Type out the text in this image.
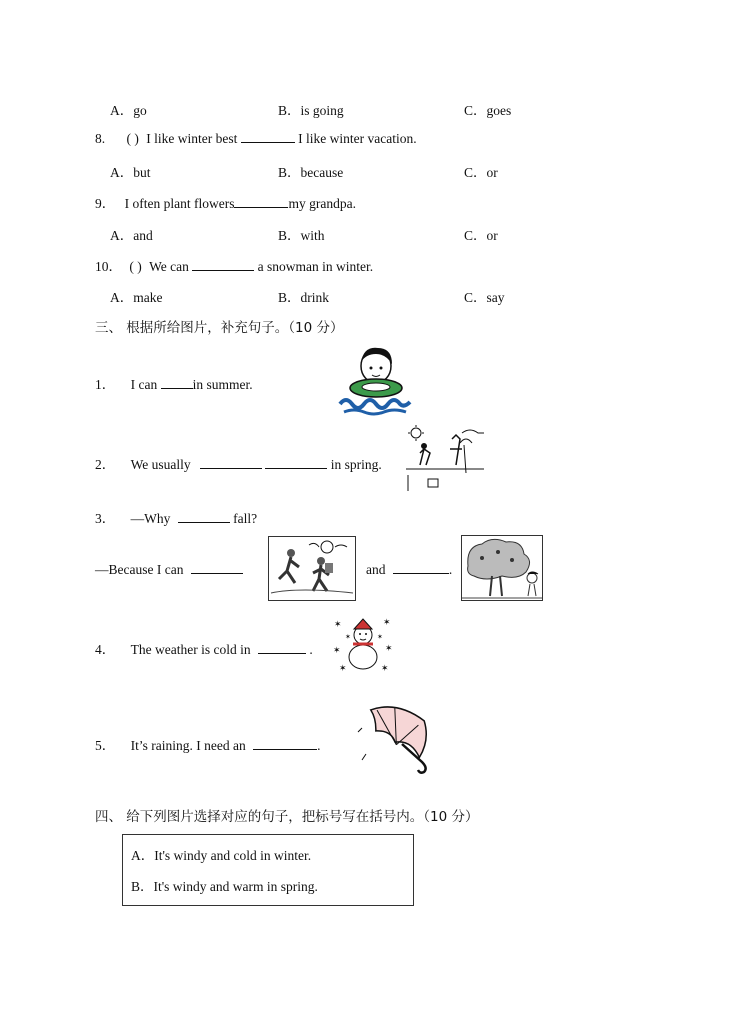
A．go	B．is going	C．goes
8. ( ) I like winter best	I like winter vacation.
A．but	B．because	C．or
9． I often plant flowers	my grandpa.
A．and	B．with	C．or
10． ( ) We can	a snowman in winter.
A．make	B．drink	C．say
三、 根据所给图片，补充句子。（10 分）
1． I can	in summer.
2． We usually	in spring.
3． —Why	fall?
—Because I can	and	.
4． The weather is cold in	.
✶	✶
✶	✶
✶	✶
✶	✶
5． It’s raining. I need an	.
四、 给下列图片选择对应的句子，把标号写在括号内。（10 分）
A．It's windy and cold in winter.
B．It's windy and warm in spring.
